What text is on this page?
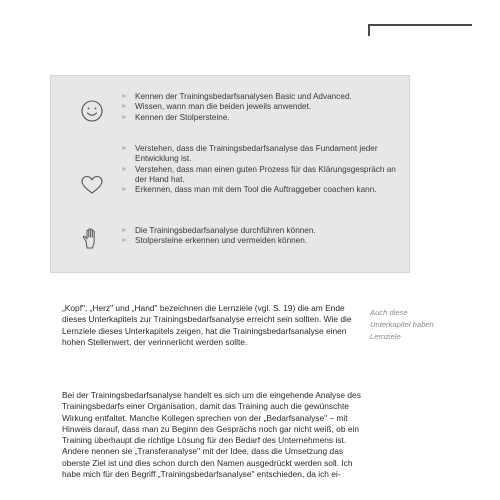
► Kennen der Trainingsbedarfsanalysen Basic und Advanced.
► Wissen, wann man die beiden jeweils anwendet.
► Kennen der Stolpersteine.
► Verstehen, dass die Trainingsbedarfsanalyse das Fundament jeder Entwicklung ist.
► Verstehen, dass man einen guten Prozess für das Klärungsgespräch an der Hand hat.
► Erkennen, dass man mit dem Tool die Auftraggeber coachen kann.
► Die Trainingsbedarfsanalyse durchführen können.
► Stolpersteine erkennen und vermeiden können.

„Kopf", „Herz" und „Hand" bezeichnen die Lernziele (vgl. S. 19) die am Ende dieses Unterkapitels zur Trainingsbedarfsanalyse erreicht sein sollten. Wie die Lernziele dieses Unterkapitels zeigen, hat die Trainingsbedarfsanalyse einen hohen Stellenwert, der verinnerlicht werden sollte.

Bei der Trainingsbedarfsanalyse handelt es sich um die eingehende Analyse des Trainingsbedarfs einer Organisation, damit das Training auch die gewünschte Wirkung entfaltet. Manche Kollegen sprechen von der „Bedarfsanalyse" – mit Hinweis darauf, dass man zu Beginn des Gesprächs noch gar nicht weiß, ob ein Training überhaupt die richtige Lösung für den Bedarf des Unternehmens ist. Andere nennen sie „Transferanalyse" mit der Idee, dass die Umsetzung das oberste Ziel ist und dies schon durch den Namen ausgedrückt werden soll. Ich habe mich für den Begriff „Trainingsbedarfsanalyse" entschieden, da ich ei-

Auch diese Unterkapitel haben Lernziele
